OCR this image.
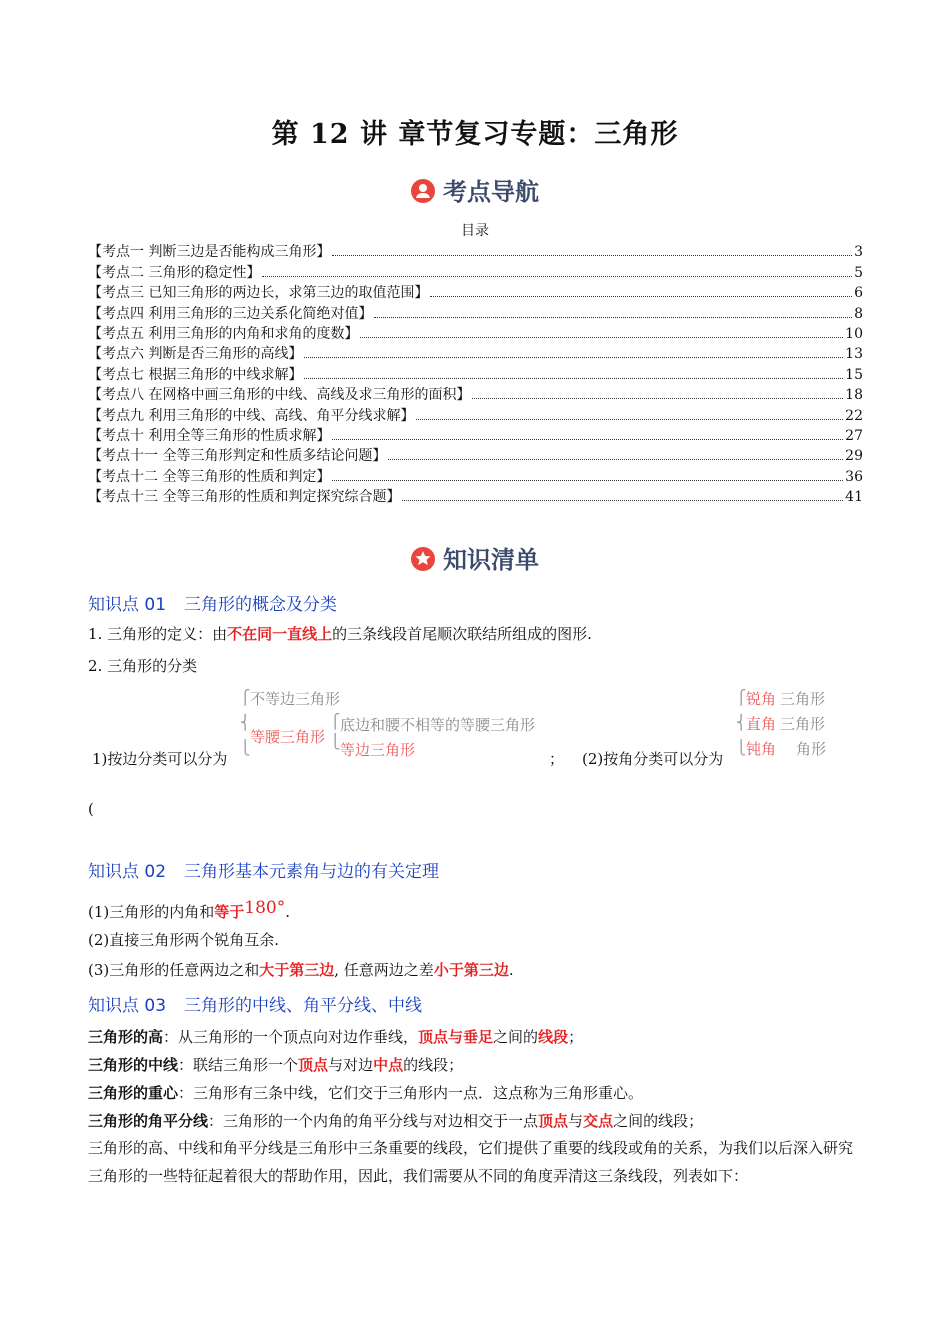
第 12 讲 章节复习专题：三角形
考点导航
目录
【考点一 判断三边是否能构成三角形】	3
【考点二 三角形的稳定性】	5
【考点三 已知三角形的两边长，求第三边的取值范围】	6
【考点四 利用三角形的三边关系化简绝对值】	8
【考点五 利用三角形的内角和求角的度数】	10
【考点六 判断是否三角形的高线】	13
【考点七 根据三角形的中线求解】	15
【考点八 在网格中画三角形的中线、高线及求三角形的面积】	18
【考点九 利用三角形的中线、高线、角平分线求解】	22
【考点十 利用全等三角形的性质求解】	27
【考点十一 全等三角形判定和性质多结论问题】	29
【考点十二 全等三角形的性质和判定】	36
【考点十三 全等三角形的性质和判定探究综合题】	41
知识清单
知识点 01 三角形的概念及分类
1. 三角形的定义：由不在同一直线上的三条线段首尾顺次联结所组成的图形.
2. 三角形的分类
⎧
⎨
⎩
不等边三角形
等腰三角形
⎧
⎩
底边和腰不相等的等腰三角形
等边三角形
1)按边分类可以分为	； (2)按角分类可以分为
⎧
⎨
⎩
锐角 三角形
直角 三角形
钝角 角形
(
知识点 02 三角形基本元素角与边的有关定理
(1)三角形的内角和等于180°.
(2)直接三角形两个锐角互余.
(3)三角形的任意两边之和大于第三边, 任意两边之差小于第三边.
知识点 03 三角形的中线、角平分线、中线
三角形的高：从三角形的一个顶点向对边作垂线，顶点与垂足之间的线段；
三角形的中线：联结三角形一个顶点与对边中点的线段；
三角形的重心：三角形有三条中线，它们交于三角形内一点．这点称为三角形重心。
三角形的角平分线：三角形的一个内角的角平分线与对边相交于一点顶点与交点之间的线段；
三角形的高、中线和角平分线是三角形中三条重要的线段，它们提供了重要的线段或角的关系，为我们以后深入研究三角形的一些特征起着很大的帮助作用，因此，我们需要从不同的角度弄清这三条线段，列表如下：
